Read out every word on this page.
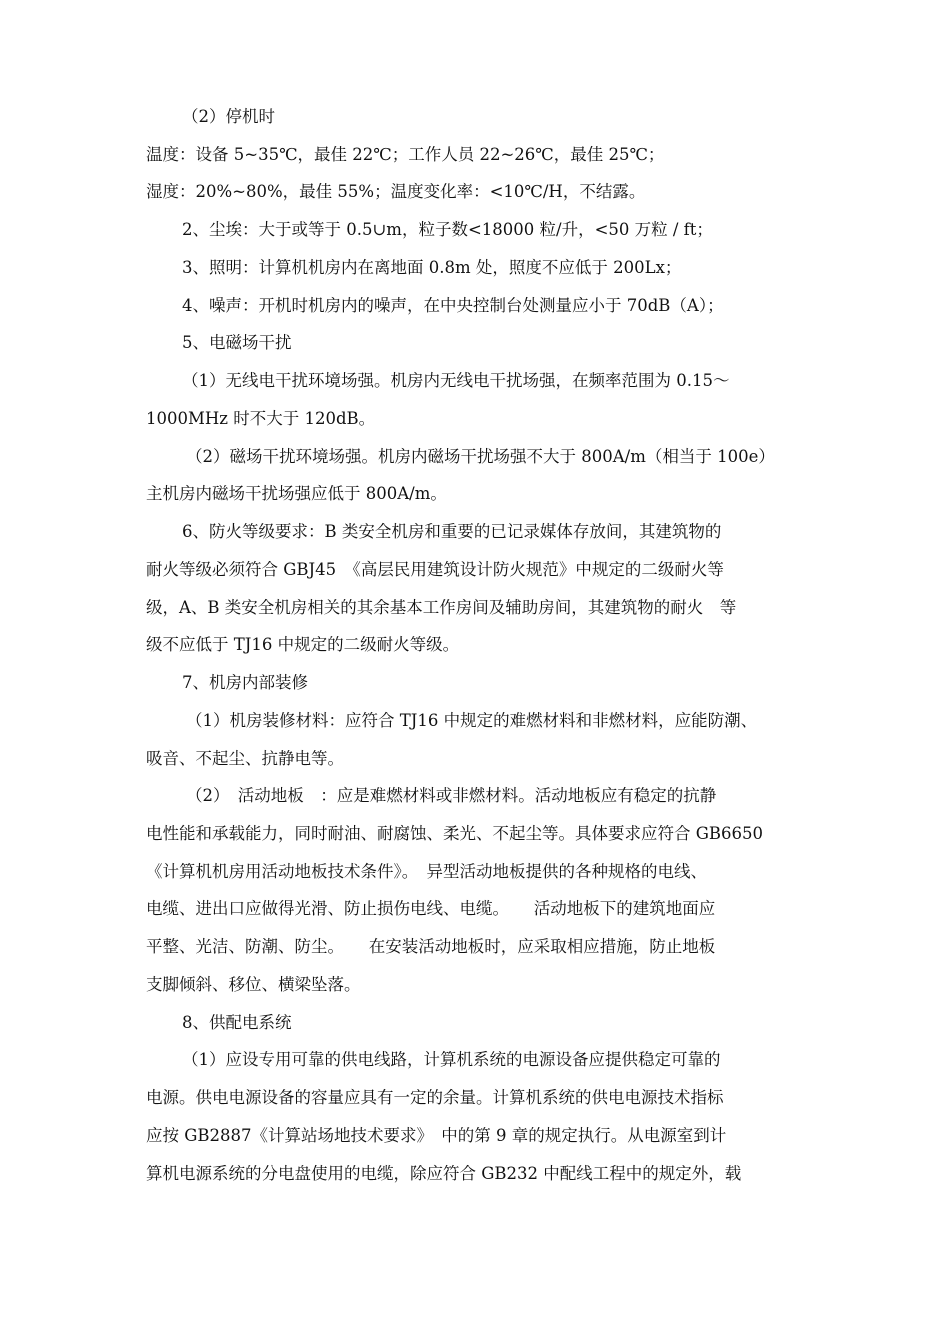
（2）停机时
温度：设备 5~35℃，最佳 22℃；工作人员 22~26℃，最佳 25℃；
湿度：20%~80%，最佳 55%；温度变化率：<10℃/H，不结露。
2、尘埃：大于或等于 0.5∪m，粒子数<18000 粒/升，<50 万粒 / ft；
3、照明：计算机机房内在离地面 0.8m 处，照度不应低于 200Lx；
4、噪声：开机时机房内的噪声，在中央控制台处测量应小于 70dB（A）；
5、电磁场干扰
（1）无线电干扰环境场强。机房内无线电干扰场强，在频率范围为 0.15～
1000MHz 时不大于 120dB。
（2）磁场干扰环境场强。机房内磁场干扰场强不大于 800A/m（相当于 100e）
主机房内磁场干扰场强应低于 800A/m。
6、防火等级要求：B 类安全机房和重要的已记录媒体存放间，其建筑物的
耐火等级必须符合 GBJ45　《高层民用建筑设计防火规范》中规定的二级耐火等
级，A、B 类安全机房相关的其余基本工作房间及辅助房间，其建筑物的耐火　等
级不应低于 TJ16 中规定的二级耐火等级。
7、机房内部装修
（1）机房装修材料：应符合 TJ16 中规定的难燃材料和非燃材料，应能防潮、
吸音、不起尘、抗静电等。
（2）　活动地板　：应是难燃材料或非燃材料。活动地板应有稳定的抗静
电性能和承载能力，同时耐油、耐腐蚀、柔光、不起尘等。具体要求应符合 GB6650
《计算机机房用活动地板技术条件》。　异型活动地板提供的各种规格的电线、
电缆、进出口应做得光滑、防止损伤电线、电缆。　　活动地板下的建筑地面应
平整、光洁、防潮、防尘。　　在安装活动地板时，应采取相应措施，防止地板
支脚倾斜、移位、横梁坠落。
8、供配电系统
（1）应设专用可靠的供电线路，计算机系统的电源设备应提供稳定可靠的
电源。供电电源设备的容量应具有一定的余量。计算机系统的供电电源技术指标
应按 GB2887《计算站场地技术要求》　中的第 9 章的规定执行。从电源室到计
算机电源系统的分电盘使用的电缆，除应符合 GB232 中配线工程中的规定外，载
